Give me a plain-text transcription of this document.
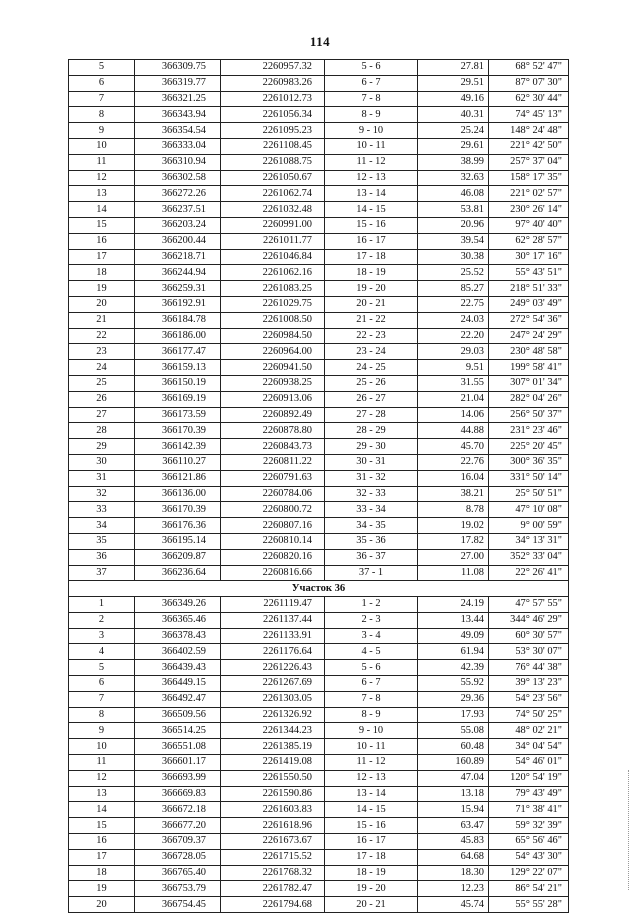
114
5	366309.75	2260957.32	5 - 6	27.81	68° 52' 47"
6	366319.77	2260983.26	6 - 7	29.51	87° 07' 30"
7	366321.25	2261012.73	7 - 8	49.16	62° 30' 44"
8	366343.94	2261056.34	8 - 9	40.31	74° 45' 13"
9	366354.54	2261095.23	9 - 10	25.24	148° 24' 48"
10	366333.04	2261108.45	10 - 11	29.61	221° 42' 50"
11	366310.94	2261088.75	11 - 12	38.99	257° 37' 04"
12	366302.58	2261050.67	12 - 13	32.63	158° 17' 35"
13	366272.26	2261062.74	13 - 14	46.08	221° 02' 57"
14	366237.51	2261032.48	14 - 15	53.81	230° 26' 14"
15	366203.24	2260991.00	15 - 16	20.96	97° 40' 40"
16	366200.44	2261011.77	16 - 17	39.54	62° 28' 57"
17	366218.71	2261046.84	17 - 18	30.38	30° 17' 16"
18	366244.94	2261062.16	18 - 19	25.52	55° 43' 51"
19	366259.31	2261083.25	19 - 20	85.27	218° 51' 33"
20	366192.91	2261029.75	20 - 21	22.75	249° 03' 49"
21	366184.78	2261008.50	21 - 22	24.03	272° 54' 36"
22	366186.00	2260984.50	22 - 23	22.20	247° 24' 29"
23	366177.47	2260964.00	23 - 24	29.03	230° 48' 58"
24	366159.13	2260941.50	24 - 25	9.51	199° 58' 41"
25	366150.19	2260938.25	25 - 26	31.55	307° 01' 34"
26	366169.19	2260913.06	26 - 27	21.04	282° 04' 26"
27	366173.59	2260892.49	27 - 28	14.06	256° 50' 37"
28	366170.39	2260878.80	28 - 29	44.88	231° 23' 46"
29	366142.39	2260843.73	29 - 30	45.70	225° 20' 45"
30	366110.27	2260811.22	30 - 31	22.76	300° 36' 35"
31	366121.86	2260791.63	31 - 32	16.04	331° 50' 14"
32	366136.00	2260784.06	32 - 33	38.21	25° 50' 51"
33	366170.39	2260800.72	33 - 34	8.78	47° 10' 08"
34	366176.36	2260807.16	34 - 35	19.02	9° 00' 59"
35	366195.14	2260810.14	35 - 36	17.82	34° 13' 31"
36	366209.87	2260820.16	36 - 37	27.00	352° 33' 04"
37	366236.64	2260816.66	37 - 1	11.08	22° 26' 41"
Участок 36					
1	366349.26	2261119.47	1 - 2	24.19	47° 57' 55"
2	366365.46	2261137.44	2 - 3	13.44	344° 46' 29"
3	366378.43	2261133.91	3 - 4	49.09	60° 30' 57"
4	366402.59	2261176.64	4 - 5	61.94	53° 30' 07"
5	366439.43	2261226.43	5 - 6	42.39	76° 44' 38"
6	366449.15	2261267.69	6 - 7	55.92	39° 13' 23"
7	366492.47	2261303.05	7 - 8	29.36	54° 23' 56"
8	366509.56	2261326.92	8 - 9	17.93	74° 50' 25"
9	366514.25	2261344.23	9 - 10	55.08	48° 02' 21"
10	366551.08	2261385.19	10 - 11	60.48	34° 04' 54"
11	366601.17	2261419.08	11 - 12	160.89	54° 46' 01"
12	366693.99	2261550.50	12 - 13	47.04	120° 54' 19"
13	366669.83	2261590.86	13 - 14	13.18	79° 43' 49"
14	366672.18	2261603.83	14 - 15	15.94	71° 38' 41"
15	366677.20	2261618.96	15 - 16	63.47	59° 32' 39"
16	366709.37	2261673.67	16 - 17	45.83	65° 56' 46"
17	366728.05	2261715.52	17 - 18	64.68	54° 43' 30"
18	366765.40	2261768.32	18 - 19	18.30	129° 22' 07"
19	366753.79	2261782.47	19 - 20	12.23	86° 54' 21"
20	366754.45	2261794.68	20 - 21	45.74	55° 55' 28"
